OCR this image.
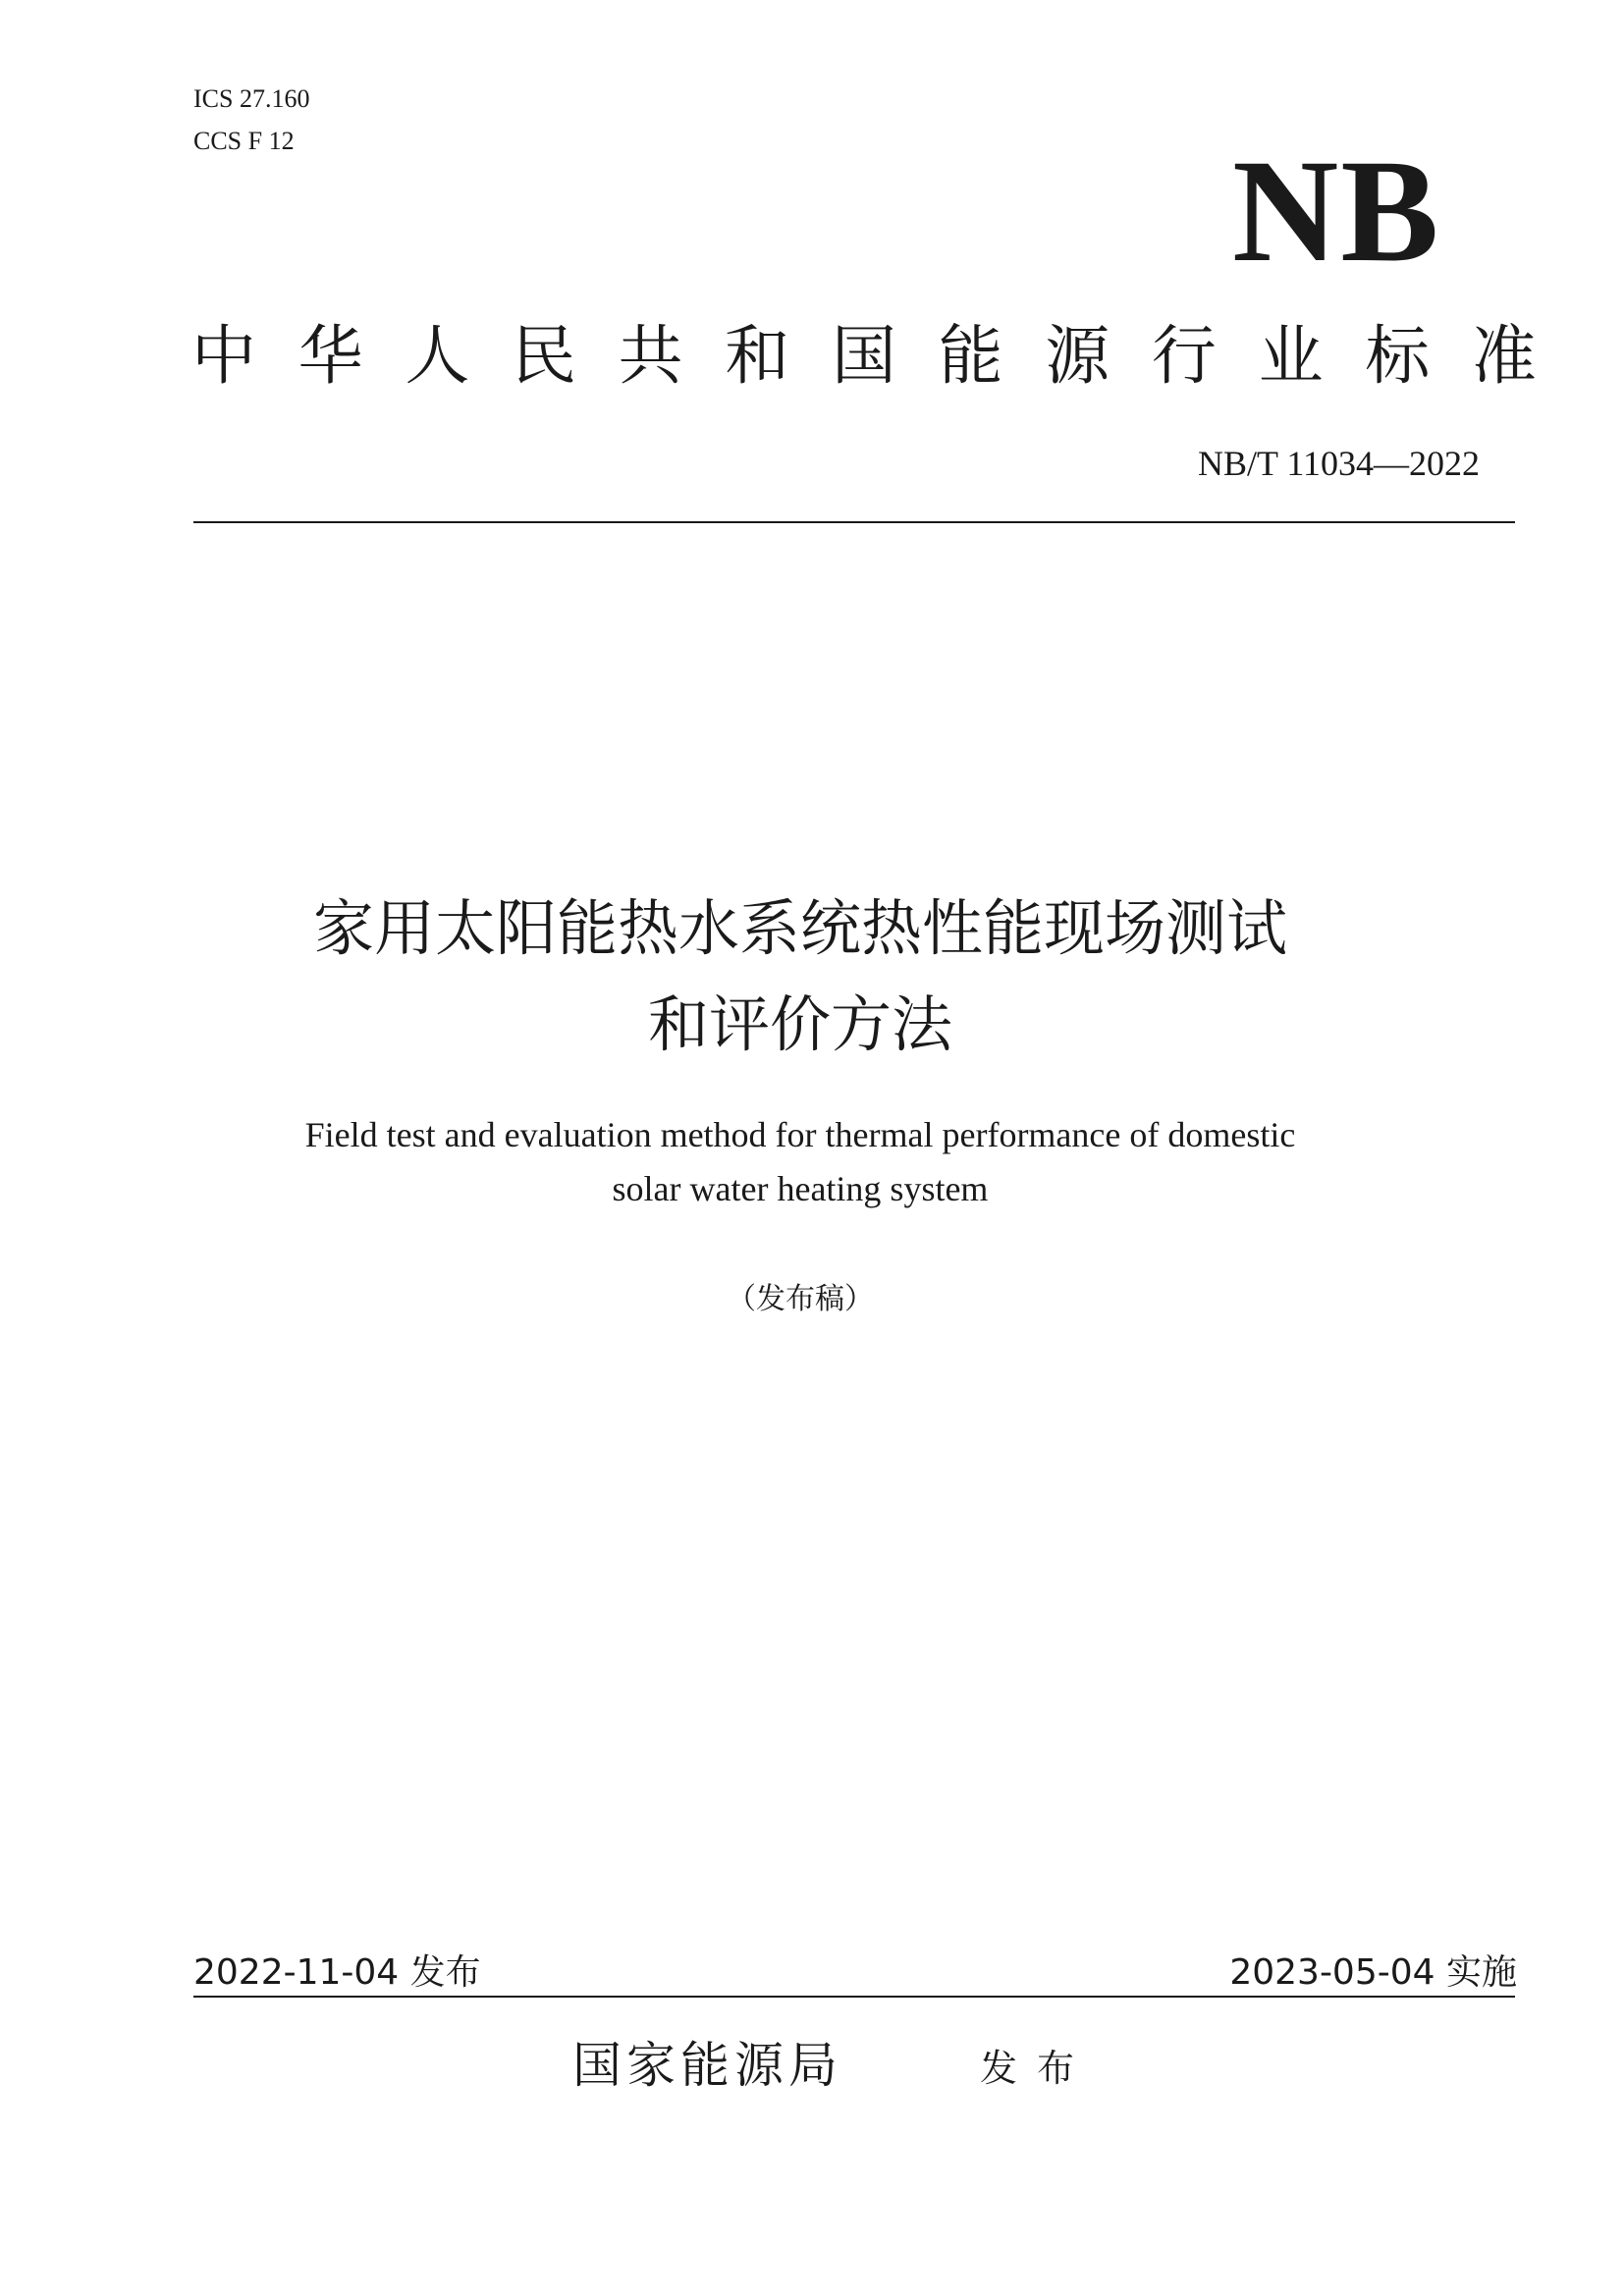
ICS 27.160
CCS F 12	NB
中 华 人 民 共 和 国 能 源 行 业 标 准
NB/T 11034—2022
家用太阳能热水系统热性能现场测试
和评价方法
Field test and evaluation method for thermal performance of domestic
solar water heating system
（发布稿）
2022-11-04 发布	2023-05-04 实施
国家能源局	发布
